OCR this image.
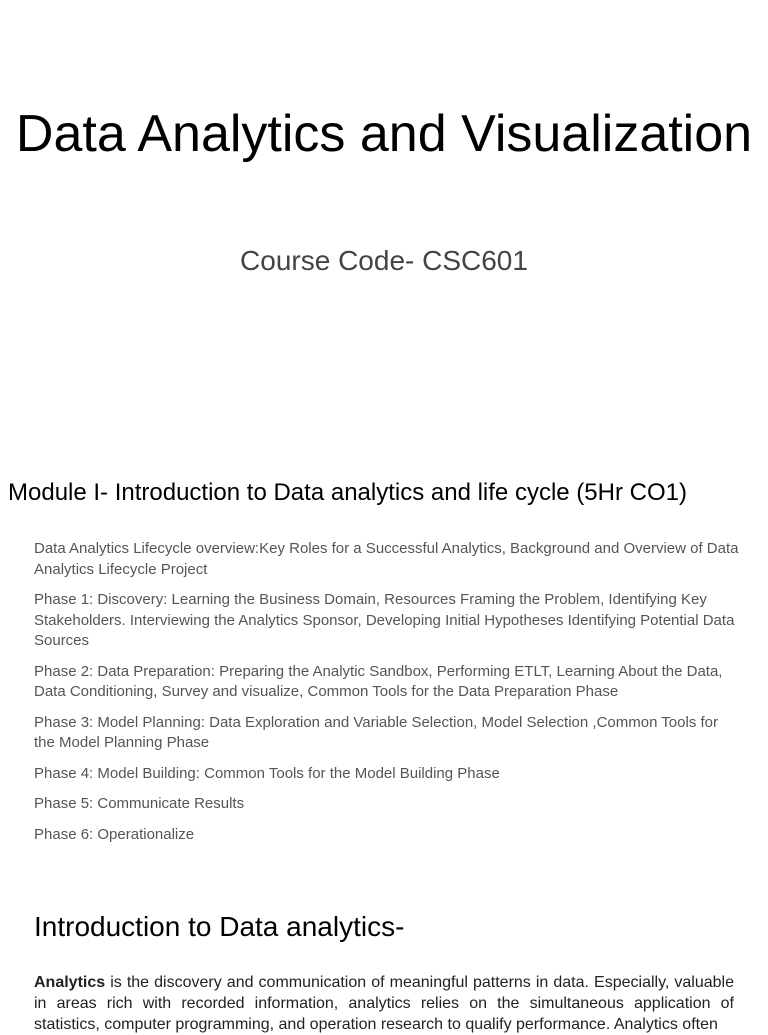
Data Analytics and Visualization
Course Code- CSC601
Module I- Introduction to Data analytics and life cycle (5Hr CO1)
Data Analytics Lifecycle overview:Key Roles for a Successful Analytics, Background and Overview of Data Analytics Lifecycle Project
Phase 1: Discovery: Learning the Business Domain, Resources Framing the Problem, Identifying Key Stakeholders. Interviewing the Analytics Sponsor, Developing Initial Hypotheses Identifying Potential Data Sources
Phase 2: Data Preparation: Preparing the Analytic Sandbox, Performing ETLT, Learning About the Data, Data Conditioning, Survey and visualize, Common Tools for the Data Preparation Phase
Phase 3: Model Planning: Data Exploration and Variable Selection, Model Selection ,Common Tools for the Model Planning Phase
Phase 4: Model Building: Common Tools for the Model Building Phase
Phase 5: Communicate Results
Phase 6: Operationalize
Introduction to Data analytics-

Analytics is the discovery and communication of meaningful patterns in data. Especially, valuable in areas rich with recorded information, analytics relies on the simultaneous application of statistics, computer programming, and operation research to qualify performance. Analytics often
